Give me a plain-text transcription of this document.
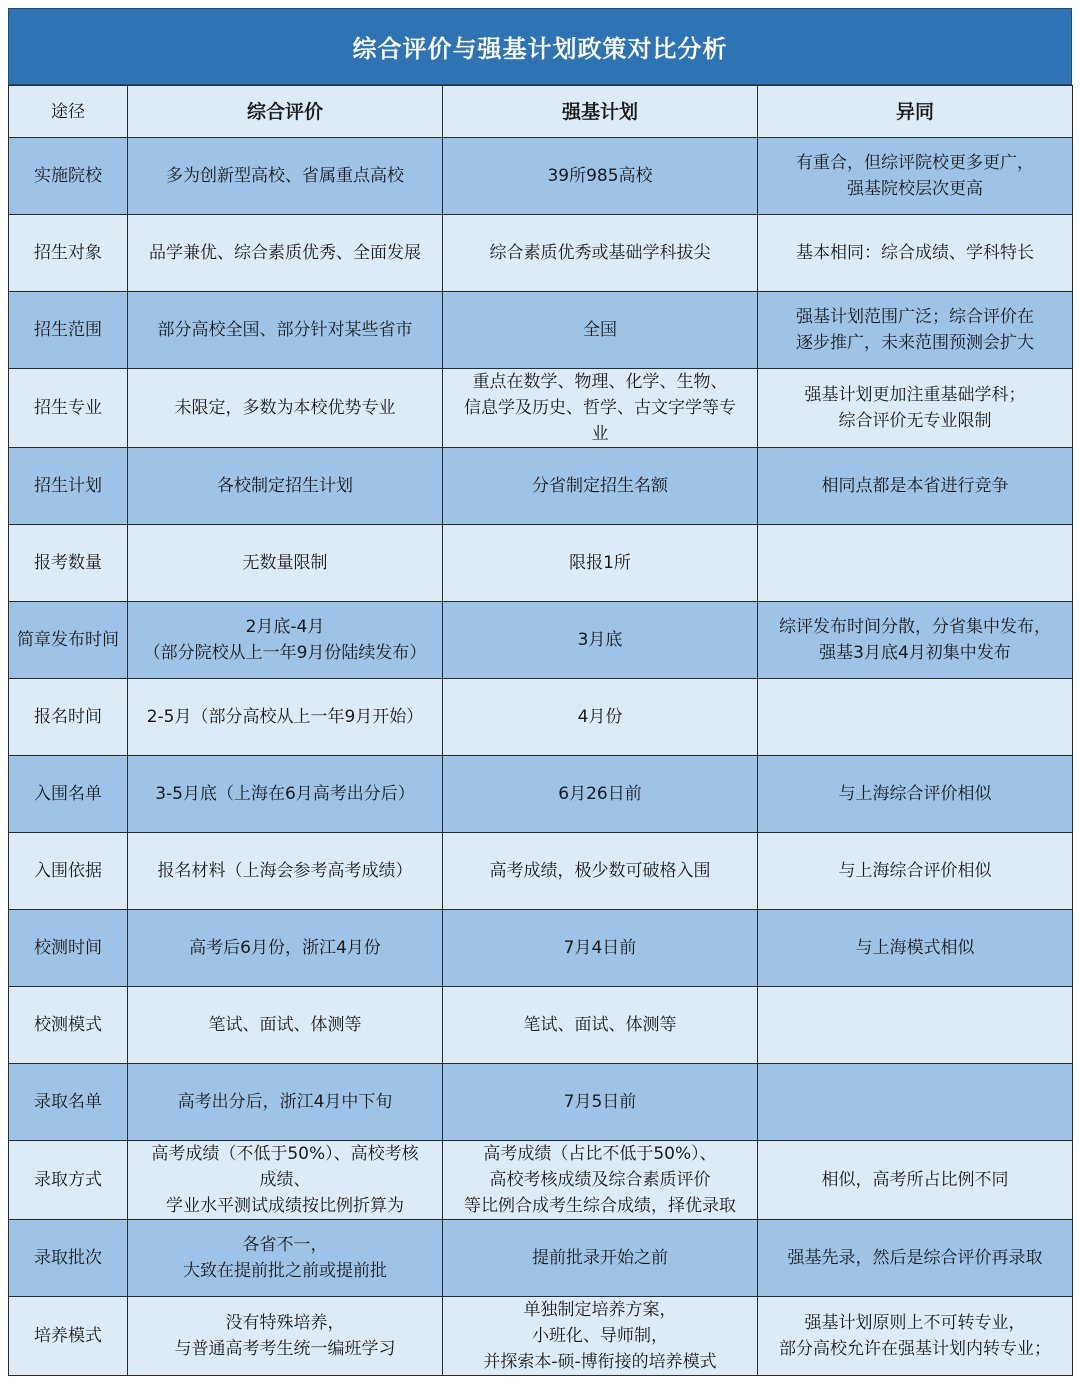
综合评价与强基计划政策对比分析
途径	综合评价	强基计划	异同
实施院校	多为创新型高校、省属重点高校	39所985高校	有重合，但综评院校更多更广，
强基院校层次更高

招生对象	品学兼优、综合素质优秀、全面发展	综合素质优秀或基础学科拔尖	基本相同：综合成绩、学科特长

招生范围	部分高校全国、部分针对某些省市	全国	强基计划范围广泛；综合评价在
逐步推广，未来范围预测会扩大

招生专业	未限定，多数为本校优势专业	重点在数学、物理、化学、生物、
信息学及历史、哲学、古文字学等专
业	强基计划更加注重基础学科；
综合评价无专业限制

招生计划	各校制定招生计划	分省制定招生名额	相同点都是本省进行竞争

报考数量	无数量限制	限报1所	

简章发布时间	2月底-4月
（部分院校从上一年9月份陆续发布）	3月底	综评发布时间分散，分省集中发布，
强基3月底4月初集中发布

报名时间	2-5月（部分高校从上一年9月开始）	4月份	

入围名单	3-5月底（上海在6月高考出分后）	6月26日前	与上海综合评价相似

入围依据	报名材料（上海会参考高考成绩）	高考成绩，极少数可破格入围	与上海综合评价相似

校测时间	高考后6月份，浙江4月份	7月4日前	与上海模式相似

校测模式	笔试、面试、体测等	笔试、面试、体测等	

录取名单	高考出分后，浙江4月中下旬	7月5日前	

录取方式	高考成绩（不低于50%）、高校考核
成绩、
学业水平测试成绩按比例折算为	高考成绩（占比不低于50%）、
高校考核成绩及综合素质评价
等比例合成考生综合成绩，择优录取	相似，高考所占比例不同

录取批次	各省不一，
大致在提前批之前或提前批	提前批录开始之前	强基先录，然后是综合评价再录取

培养模式	没有特殊培养，
与普通高考考生统一编班学习	单独制定培养方案，
小班化、导师制，
并探索本-硕-博衔接的培养模式	强基计划原则上不可转专业，
部分高校允许在强基计划内转专业；
